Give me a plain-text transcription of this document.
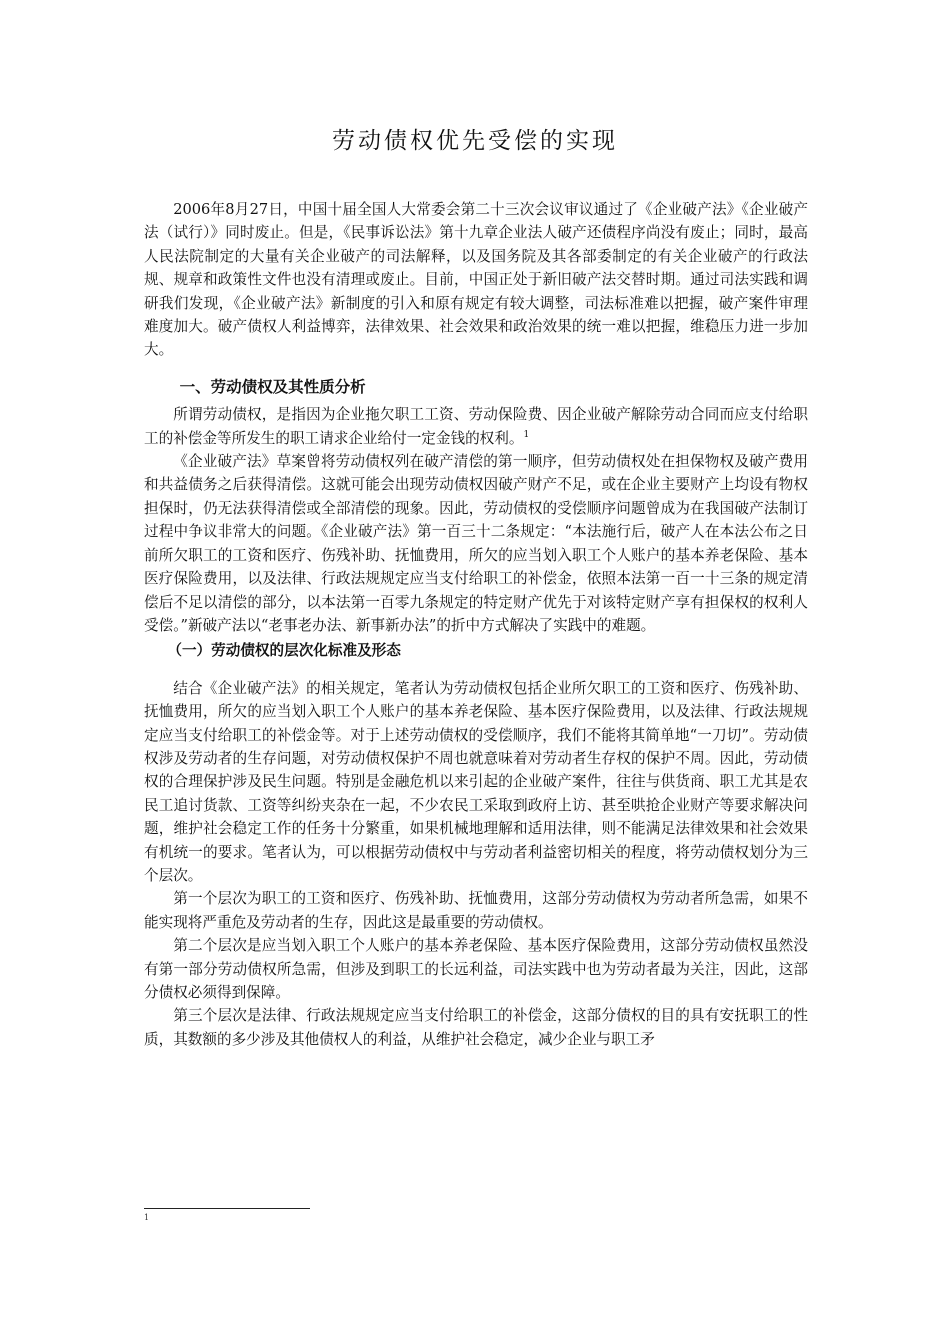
劳动债权优先受偿的实现

2006年8月27日，中国十届全国人大常委会第二十三次会议审议通过了《企业破产法》《企业破产法（试行）》同时废止。但是，《民事诉讼法》第十九章企业法人破产还债程序尚没有废止；同时，最高人民法院制定的大量有关企业破产的司法解释，以及国务院及其各部委制定的有关企业破产的行政法规、规章和政策性文件也没有清理或废止。目前，中国正处于新旧破产法交替时期。通过司法实践和调研我们发现，《企业破产法》新制度的引入和原有规定有较大调整，司法标准难以把握，破产案件审理难度加大。破产债权人利益博弈，法律效果、社会效果和政治效果的统一难以把握，维稳压力进一步加大。

一、劳动债权及其性质分析

所谓劳动债权，是指因为企业拖欠职工工资、劳动保险费、因企业破产解除劳动合同而应支付给职工的补偿金等所发生的职工请求企业给付一定金钱的权利。$^1$

《企业破产法》草案曾将劳动债权列在破产清偿的第一顺序，但劳动债权处在担保物权及破产费用和共益债务之后获得清偿。这就可能会出现劳动债权因破产财产不足，或在企业主要财产上均设有物权担保时，仍无法获得清偿或全部清偿的现象。因此，劳动债权的受偿顺序问题曾成为在我国破产法制订过程中争议非常大的问题。《企业破产法》第一百三十二条规定：“本法施行后，破产人在本法公布之日前所欠职工的工资和医疗、伤残补助、抚恤费用，所欠的应当划入职工个人账户的基本养老保险、基本医疗保险费用，以及法律、行政法规规定应当支付给职工的补偿金，依照本法第一百一十三条的规定清偿后不足以清偿的部分，以本法第一百零九条规定的特定财产优先于对该特定财产享有担保权的权利人受偿。”新破产法以“老事老办法、新事新办法”的折中方式解决了实践中的难题。

（一）劳动债权的层次化标准及形态

结合《企业破产法》的相关规定，笔者认为劳动债权包括企业所欠职工的工资和医疗、伤残补助、抚恤费用，所欠的应当划入职工个人账户的基本养老保险、基本医疗保险费用，以及法律、行政法规规定应当支付给职工的补偿金等。对于上述劳动债权的受偿顺序，我们不能将其简单地“一刀切”。劳动债权涉及劳动者的生存问题，对劳动债权保护不周也就意味着对劳动者生存权的保护不周。因此，劳动债权的合理保护涉及民生问题。特别是金融危机以来引起的企业破产案件，往往与供货商、职工尤其是农民工追讨货款、工资等纠纷夹杂在一起，不少农民工采取到政府上访、甚至哄抢企业财产等要求解决问题，维护社会稳定工作的任务十分繁重，如果机械地理解和适用法律，则不能满足法律效果和社会效果有机统一的要求。笔者认为，可以根据劳动债权中与劳动者利益密切相关的程度，将劳动债权划分为三个层次。

第一个层次为职工的工资和医疗、伤残补助、抚恤费用，这部分劳动债权为劳动者所急需，如果不能实现将严重危及劳动者的生存，因此这是最重要的劳动债权。

第二个层次是应当划入职工个人账户的基本养老保险、基本医疗保险费用，这部分劳动债权虽然没有第一部分劳动债权所急需，但涉及到职工的长远利益，司法实践中也为劳动者最为关注，因此，这部分债权必须得到保障。

第三个层次是法律、行政法规规定应当支付给职工的补偿金，这部分债权的目的具有安抚职工的性质，其数额的多少涉及其他债权人的利益，从维护社会稳定，减少企业与职工矛

1
